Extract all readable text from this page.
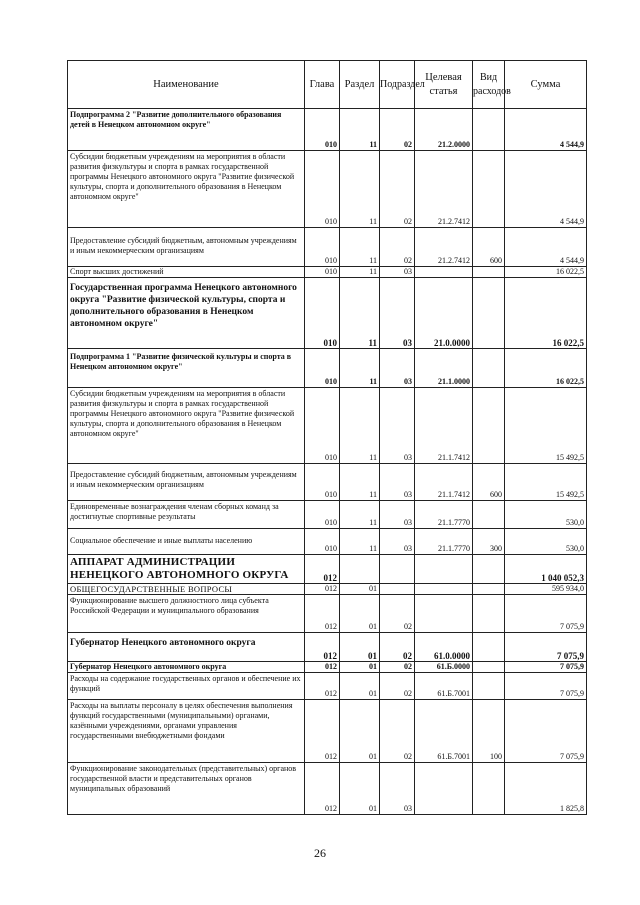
Наименование	Глава	Раздел	Подраздел	Целевая статья	Вид расходов	Сумма
Подпрограмма 2 "Развитие дополнительного образования детей в Ненецком автономном округе"	010	11	02	21.2.0000		4 544,9
Субсидии бюджетным учреждениям на мероприятия в области развития физкультуры и спорта в рамках государственной программы Ненецкого автономного округа "Развитие физической культуры, спорта и дополнительного образования в Ненецком автономном округе"	010	11	02	21.2.7412		4 544,9
Предоставление субсидий бюджетным, автономным учреждениям и иным некоммерческим организациям	010	11	02	21.2.7412	600	4 544,9
Спорт высших достижений	010	11	03			16 022,5
Государственная программа Ненецкого автономного округа "Развитие физической культуры, спорта и дополнительного образования в Ненецком автономном округе"	010	11	03	21.0.0000		16 022,5
Подпрограмма 1 "Развитие физической культуры и спорта в Ненецком автономном округе"	010	11	03	21.1.0000		16 022,5
Субсидии бюджетным учреждениям на мероприятия в области развития физкультуры и спорта в рамках государственной программы Ненецкого автономного округа "Развитие физической культуры, спорта и дополнительного образования в Ненецком автономном округе"	010	11	03	21.1.7412		15 492,5
Предоставление субсидий бюджетным, автономным учреждениям и иным некоммерческим организациям	010	11	03	21.1.7412	600	15 492,5
Единовременные вознаграждения членам сборных команд за достигнутые спортивные результаты	010	11	03	21.1.7770		530,0
Социальное обеспечение и иные выплаты населению	010	11	03	21.1.7770	300	530,0
АППАРАТ АДМИНИСТРАЦИИ НЕНЕЦКОГО АВТОНОМНОГО ОКРУГА	012					1 040 052,3
ОБЩЕГОСУДАРСТВЕННЫЕ ВОПРОСЫ	012	01				595 934,0
Функционирование высшего должностного лица субъекта Российской Федерации и муниципального образования	012	01	02			7 075,9
Губернатор Ненецкого автономного округа	012	01	02	61.0.0000		7 075,9
Губернатор Ненецкого автономного округа	012	01	02	61.Б.0000		7 075,9
Расходы на содержание государственных органов и обеспечение их функций	012	01	02	61.Б.7001		7 075,9
Расходы на выплаты персоналу в целях обеспечения выполнения функций государственными (муниципальными) органами, казёнными учреждениями, органами управления государственными внебюджетными фондами	012	01	02	61.Б.7001	100	7 075,9
Функционирование законодательных (представительных) органов государственной власти и представительных органов муниципальных образований	012	01	03			1 825,8
26
